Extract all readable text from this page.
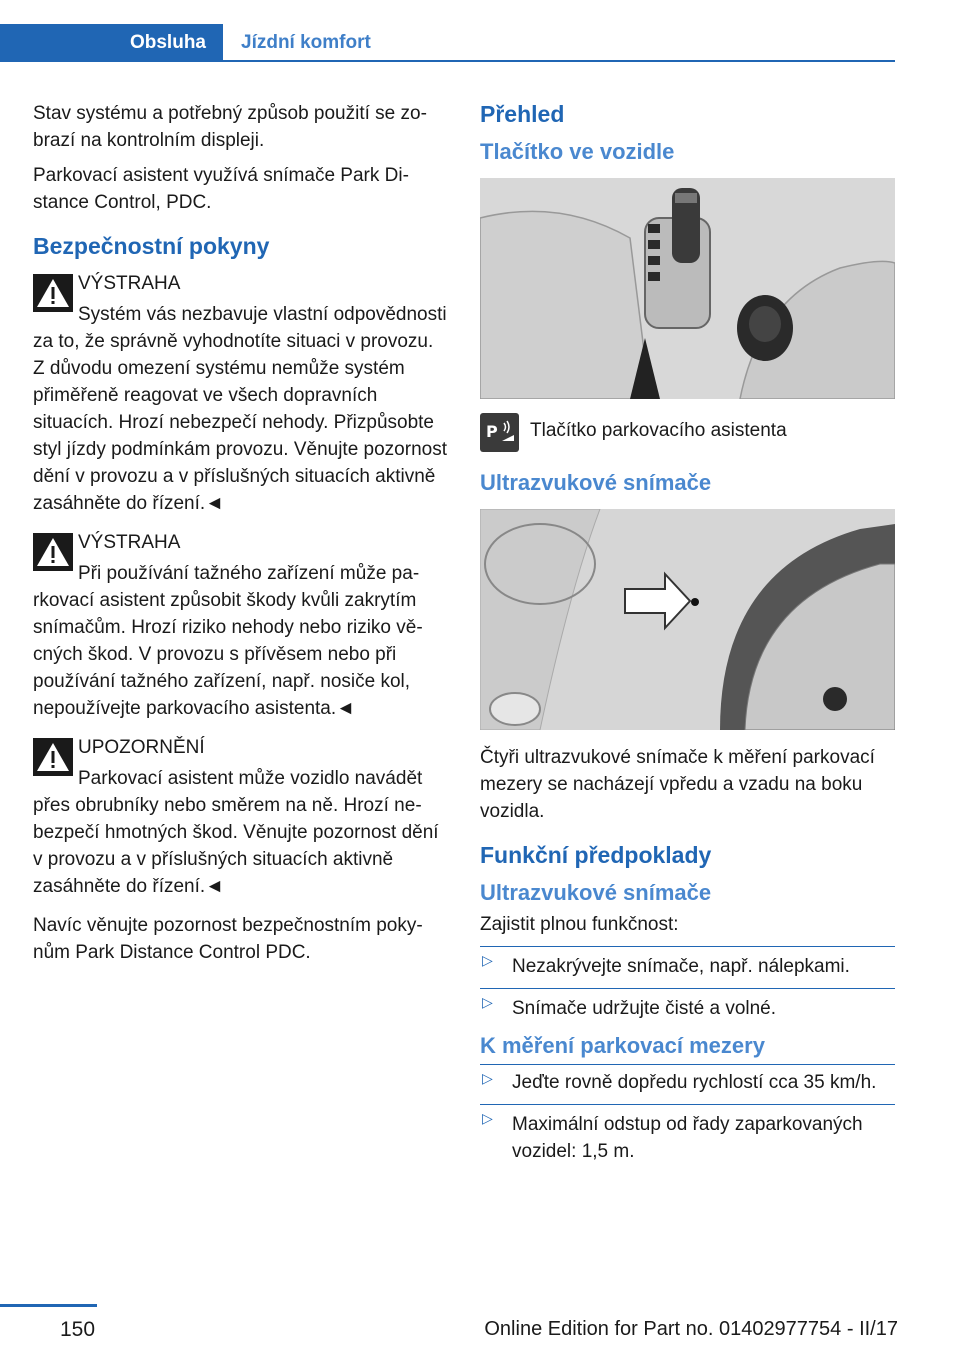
Obsluha	Jízdní komfort

Stav systému a potřebný způsob použití se zobrazí na kontrolním displeji.

Parkovací asistent využívá snímače Park Distance Control, PDC.

Bezpečnostní pokyny

VÝSTRAHA

Systém vás nezbavuje vlastní odpovědnosti za to, že správně vyhodnotíte situaci v provozu. Z důvodu omezení systému nemůže systém přiměřeně reagovat ve všech dopravních situacích. Hrozí nebezpečí nehody. Přizpůsobte styl jízdy podmínkám provozu. Věnujte pozornost dění v provozu a v příslušných situacích aktivně zasáhněte do řízení.◄

VÝSTRAHA

Při používání tažného zařízení může parkovací asistent způsobit škody kvůli zakrytím snímačům. Hrozí riziko nehody nebo riziko věcných škod. V provozu s přívěsem nebo při používání tažného zařízení, např. nosiče kol, nepoužívejte parkovacího asistenta.◄

UPOZORNĚNÍ

Parkovací asistent může vozidlo navádět přes obrubníky nebo směrem na ně. Hrozí nebezpečí hmotných škod. Věnujte pozornost dění v provozu a v příslušných situacích aktivně zasáhněte do řízení.◄

Navíc věnujte pozornost bezpečnostním pokynům Park Distance Control PDC.

Přehled
Tlačítko ve vozidle
P	Tlačítko parkovacího asistenta
Ultrazvukové snímače

Čtyři ultrazvukové snímače k měření parkovací mezery se nacházejí vpředu a vzadu na boku vozidla.

Funkční předpoklady
Ultrazvukové snímače

Zajistit plnou funkčnost:

▷ Nezakrývejte snímače, např. nálepkami.
▷ Snímače udržujte čisté a volné.
K měření parkovací mezery
▷ Jeďte rovně dopředu rychlostí cca 35 km/h.
▷ Maximální odstup od řady zaparkovaných vozidel: 1,5 m.
150	Online Edition for Part no. 01402977754 - II/17
